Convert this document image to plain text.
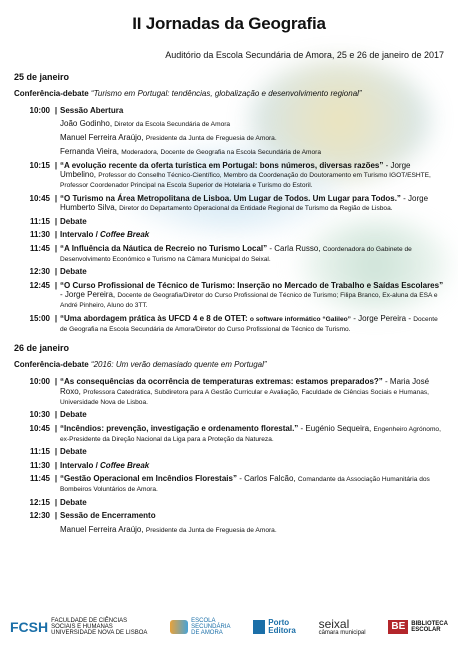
II Jornadas da Geografia
Auditório da Escola Secundária de Amora, 25 e 26 de janeiro de 2017
25 de janeiro
Conferência-debate “Turismo em Portugal: tendências, globalização e desenvolvimento regional”
10:00 | Sessão Abertura
João Godinho, Diretor da Escola Secundária de Amora
Manuel Ferreira Araújo, Presidente da Junta de Freguesia de Amora.
Fernanda Vieira, Moderadora, Docente de Geografia na Escola Secundária de Amora
10:15 | “A evolução recente da oferta turística em Portugal: bons números, diversas razões” - Jorge Umbelino, Professor do Conselho Técnico-Científico, Membro da Coordenação do Doutoramento em Turismo IGOT/ESHTE, Professor Coordenador Principal na Escola Superior de Hotelaria e Turismo do Estoril.
10:45 | “O Turismo na Área Metropolitana de Lisboa. Um Lugar de Todos. Um Lugar para Todos.” - Jorge Humberto Silva, Diretor do Departamento Operacional da Entidade Regional de Turismo da Região de Lisboa.
11:15 | Debate
11:30 | Intervalo / Coffee Break
11:45 | “A Influência da Náutica de Recreio no Turismo Local” - Carla Russo, Coordenadora do Gabinete de Desenvolvimento Económico e Turismo na Câmara Municipal do Seixal.
12:30 | Debate
12:45 | “O Curso Profissional de Técnico de Turismo: Inserção no Mercado de Trabalho e Saídas Escolares” - Jorge Pereira, Docente de Geografia/Diretor do Curso Profissional de Técnico de Turismo; Filipa Branco, Ex-aluna da ESA e André Pinheiro, Aluno do 3TT.
15:00 | “Uma abordagem prática às UFCD 4 e 8 de OTET: o software informático “Galileo” - Jorge Pereira - Docente de Geografia na Escola Secundária de Amora/Diretor do Curso Profissional de Técnico de Turismo.
26 de janeiro
Conferência-debate “2016: Um verão demasiado quente em Portugal”
10:00 | “As consequências da ocorrência de temperaturas extremas: estamos preparados?” - Maria José Roxo, Professora Catedrática, Subdiretora para A Gestão Curricular e Avaliação, Faculdade de Ciências Sociais e Humanas, Universidade Nova de Lisboa.
10:30 | Debate
10:45 | “Incêndios: prevenção, investigação e ordenamento florestal.” - Eugénio Sequeira, Engenheiro Agrónomo, ex-Presidente da Direção Nacional da Liga para a Proteção da Natureza.
11:15 | Debate
11:30 | Intervalo / Coffee Break
11:45 | “Gestão Operacional em Incêndios Florestais” - Carlos Falcão, Comandante da Associação Humanitária dos Bombeiros Voluntários de Amora.
12:15 | Debate
12:30 | Sessão de Encerramento
Manuel Ferreira Araújo, Presidente da Junta de Freguesia de Amora.
FCSH FACULDADE DE CIÊNCIAS
SOCIAIS E HUMANAS
UNIVERSIDADE NOVA DE LISBOA
ESCOLA
SECUNDÁRIA
DE AMORA
Porto
Editora seixal
câmara municipal
BE	BIBLIOTECA
ESCOLAR
